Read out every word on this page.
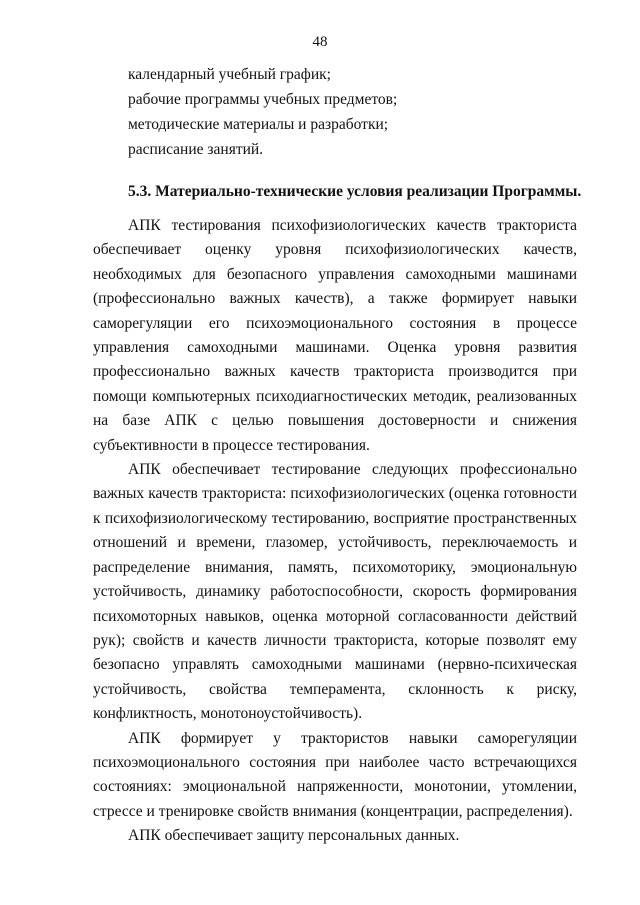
48
календарный учебный график;
рабочие программы учебных предметов;
методические материалы и разработки;
расписание занятий.
5.3. Материально-технические условия реализации Программы.

АПК тестирования психофизиологических качеств тракториста обеспечивает оценку уровня психофизиологических качеств, необходимых для безопасного управления самоходными машинами (профессионально важных качеств), а также формирует навыки саморегуляции его психоэмоционального состояния в процессе управления самоходными машинами. Оценка уровня развития профессионально важных качеств тракториста производится при помощи компьютерных психодиагностических методик, реализованных на базе АПК с целью повышения достоверности и снижения субъективности в процессе тестирования.

АПК обеспечивает тестирование следующих профессионально важных качеств тракториста: психофизиологических (оценка готовности к психофизиологическому тестированию, восприятие пространственных отношений и времени, глазомер, устойчивость, переключаемость и распределение внимания, память, психомоторику, эмоциональную устойчивость, динамику работоспособности, скорость формирования психомоторных навыков, оценка моторной согласованности действий рук); свойств и качеств личности тракториста, которые позволят ему безопасно управлять самоходными машинами (нервно-психическая устойчивость, свойства темперамента, склонность к риску, конфликтность, монотоноустойчивость).

АПК формирует у трактористов навыки саморегуляции психоэмоционального состояния при наиболее часто встречающихся состояниях: эмоциональной напряженности, монотонии, утомлении, стрессе и тренировке свойств внимания (концентрации, распределения).

АПК обеспечивает защиту персональных данных.
